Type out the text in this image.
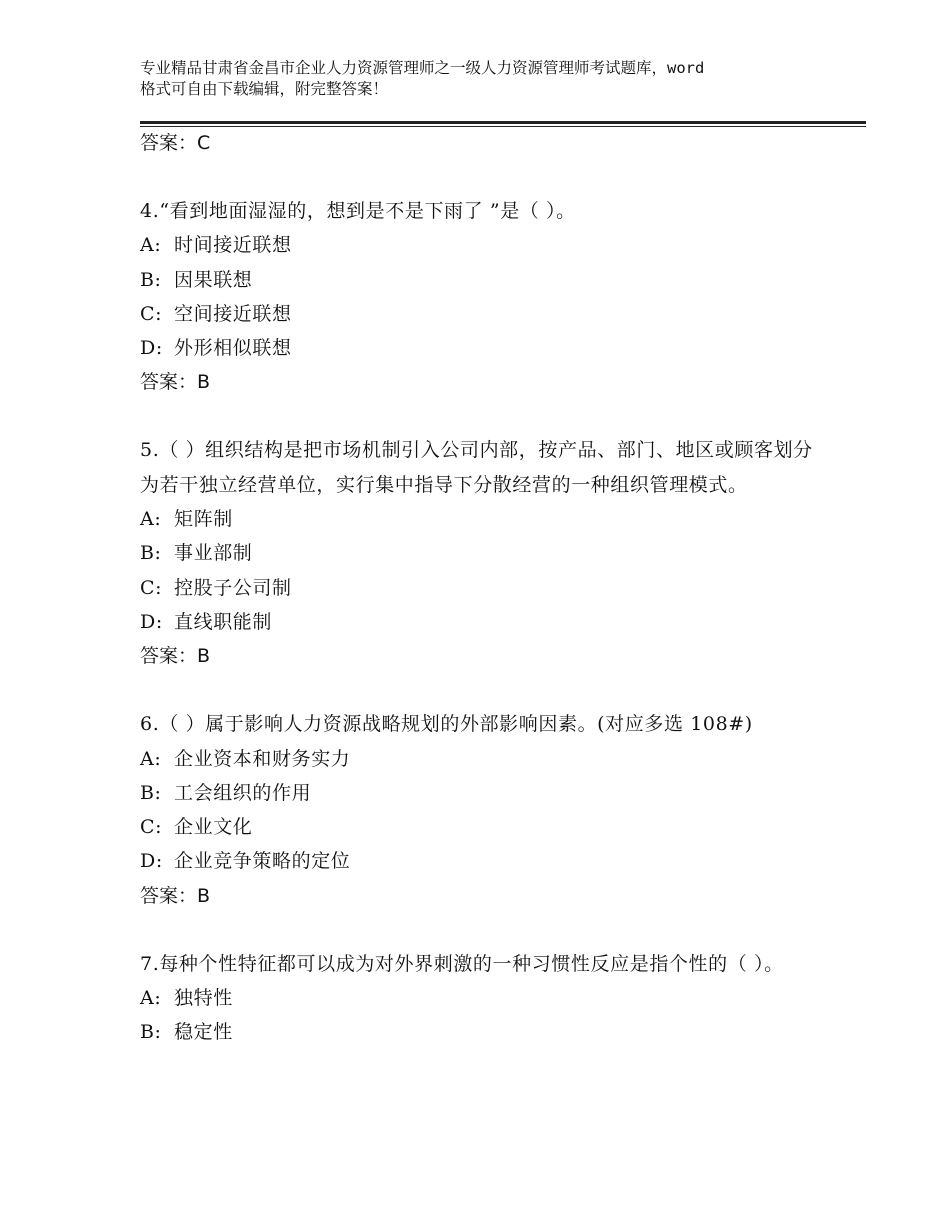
专业精品甘肃省金昌市企业人力资源管理师之一级人力资源管理师考试题库，word
格式可自由下载编辑，附完整答案！
答案：C
4.“看到地面湿湿的，想到是不是下雨了 ”是（ ）。
A: 时间接近联想
B: 因果联想
C: 空间接近联想
D: 外形相似联想
答案：B
5.（ ）组织结构是把市场机制引入公司内部，按产品、部门、地区或顾客划分为若干独立经营单位，实行集中指导下分散经营的一种组织管理模式。
A: 矩阵制
B: 事业部制
C: 控股子公司制
D: 直线职能制
答案：B
6.（ ）属于影响人力资源战略规划的外部影响因素。(对应多选 108#)
A: 企业资本和财务实力
B: 工会组织的作用
C: 企业文化
D: 企业竞争策略的定位
答案：B
7.每种个性特征都可以成为对外界刺激的一种习惯性反应是指个性的（ ）。
A: 独特性
B: 稳定性
